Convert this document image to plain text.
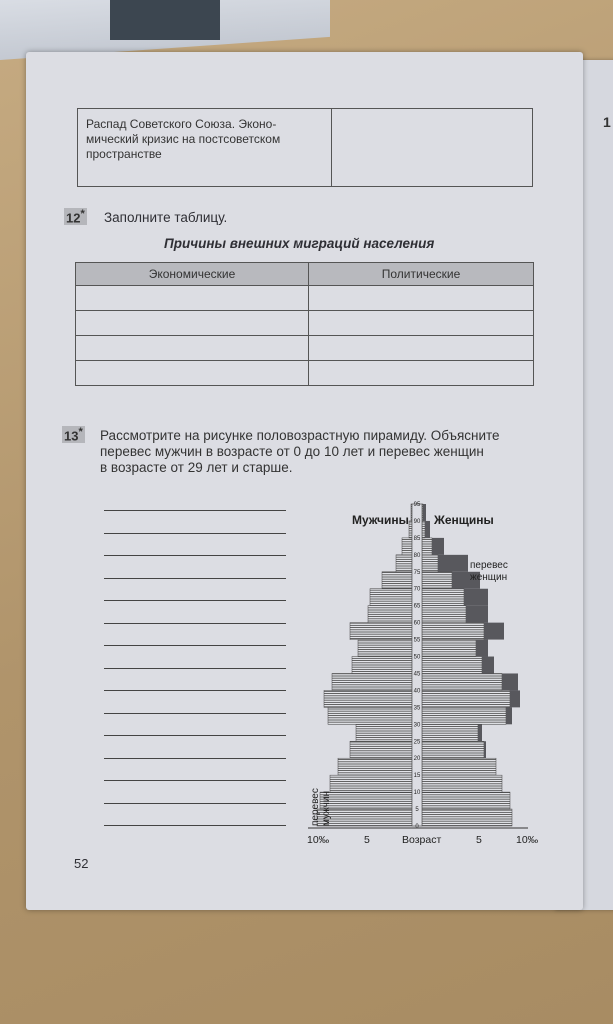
1
Распад Советского Союза. Эконо-
мический кризис на постсоветском
пространстве
12* Заполните таблицу.
Причины внешних миграций населения
Экономические	Политические

13* Рассмотрите на рисунке половозрастную пирамиду. Объясните
перевес мужчин в возрасте от 0 до 10 лет и перевес женщин
в возрасте от 29 лет и старше.
0
5
10
15
20
25
30
35
40
45
50
55
60
65
70
75
80
85
90
95
Мужчины Женщины
перевес
женщин
перевес мужчин
10‰	5	Возраст	5	10‰
52
